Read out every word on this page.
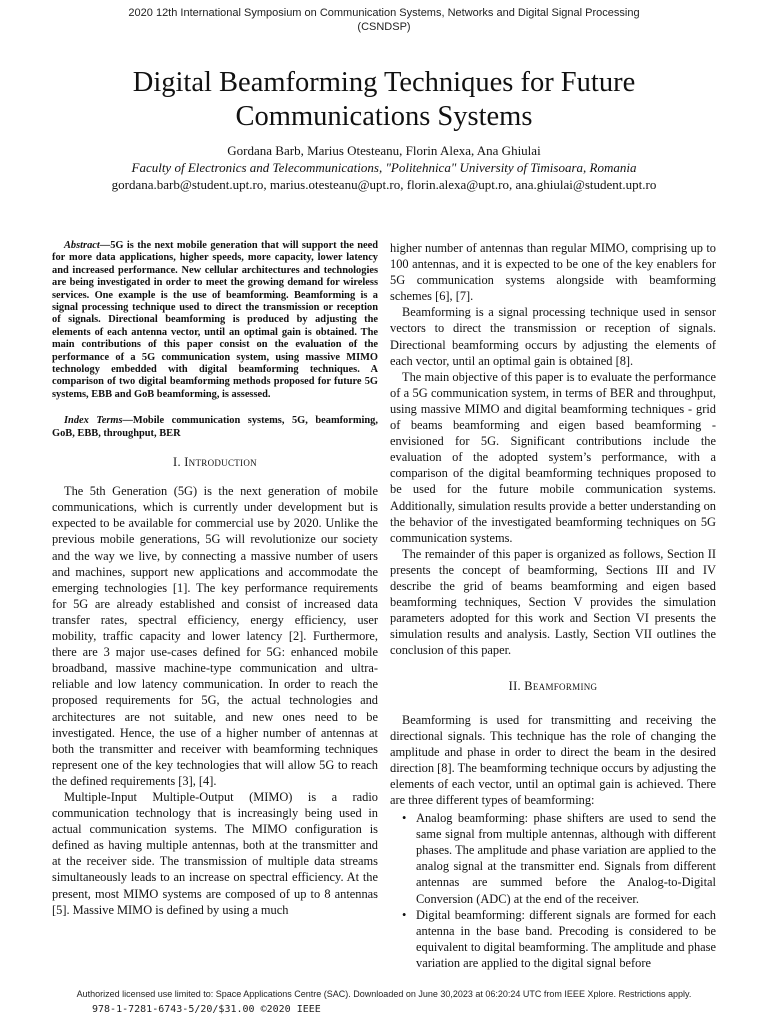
2020 12th International Symposium on Communication Systems, Networks and Digital Signal Processing
(CSNDSP)
Digital Beamforming Techniques for Future
Communications Systems
Gordana Barb, Marius Otesteanu, Florin Alexa, Ana Ghiulai
Faculty of Electronics and Telecommunications, "Politehnica" University of Timisoara, Romania
gordana.barb@student.upt.ro, marius.otesteanu@upt.ro, florin.alexa@upt.ro, ana.ghiulai@student.upt.ro

Abstract—5G is the next mobile generation that will support the need for more data applications, higher speeds, more capacity, lower latency and increased performance. New cellular architectures and technologies are being investigated in order to meet the growing demand for wireless services. One example is the use of beamforming. Beamforming is a signal processing technique used to direct the transmission or reception of signals. Directional beamforming is produced by adjusting the elements of each antenna vector, until an optimal gain is obtained. The main contributions of this paper consist on the evaluation of the performance of a 5G communication system, using massive MIMO technology embedded with digital beamforming techniques. A comparison of two digital beamforming methods proposed for future 5G systems, EBB and GoB beamforming, is assessed.

Index Terms—Mobile communication systems, 5G, beamforming, GoB, EBB, throughput, BER

I. Introduction

The 5th Generation (5G) is the next generation of mobile communications, which is currently under development but is expected to be available for commercial use by 2020. Unlike the previous mobile generations, 5G will revolutionize our society and the way we live, by connecting a massive number of users and machines, support new applications and accommodate the emerging technologies [1]. The key performance requirements for 5G are already established and consist of increased data transfer rates, spectral efficiency, energy efficiency, user mobility, traffic capacity and lower latency [2]. Furthermore, there are 3 major use-cases defined for 5G: enhanced mobile broadband, massive machine-type communication and ultra-reliable and low latency communication. In order to reach the proposed requirements for 5G, the actual technologies and architectures are not suitable, and new ones need to be investigated. Hence, the use of a higher number of antennas at both the transmitter and receiver with beamforming techniques represent one of the key technologies that will allow 5G to reach the defined requirements [3], [4].

Multiple-Input Multiple-Output (MIMO) is a radio communication technology that is increasingly being used in actual communication systems. The MIMO configuration is defined as having multiple antennas, both at the transmitter and at the receiver side. The transmission of multiple data streams simultaneously leads to an increase on spectral efficiency. At the present, most MIMO systems are composed of up to 8 antennas [5]. Massive MIMO is defined by using a much

higher number of antennas than regular MIMO, comprising up to 100 antennas, and it is expected to be one of the key enablers for 5G communication systems alongside with beamforming schemes [6], [7].

Beamforming is a signal processing technique used in sensor vectors to direct the transmission or reception of signals. Directional beamforming occurs by adjusting the elements of each vector, until an optimal gain is obtained [8].

The main objective of this paper is to evaluate the performance of a 5G communication system, in terms of BER and throughput, using massive MIMO and digital beamforming techniques - grid of beams beamforming and eigen based beamforming - envisioned for 5G. Significant contributions include the evaluation of the adopted system’s performance, with a comparison of the digital beamforming techniques proposed to be used for the future mobile communication systems. Additionally, simulation results provide a better understanding on the behavior of the investigated beamforming techniques on 5G communication systems.

The remainder of this paper is organized as follows, Section II presents the concept of beamforming, Sections III and IV describe the grid of beams beamforming and eigen based beamforming techniques, Section V provides the simulation parameters adopted for this work and Section VI presents the simulation results and analysis. Lastly, Section VII outlines the conclusion of this paper.

II. Beamforming

Beamforming is used for transmitting and receiving the directional signals. This technique has the role of changing the amplitude and phase in order to direct the beam in the desired direction [8]. The beamforming technique occurs by adjusting the elements of each vector, until an optimal gain is achieved. There are three different types of beamforming:

• Analog beamforming: phase shifters are used to send the same signal from multiple antennas, although with different phases. The amplitude and phase variation are applied to the analog signal at the transmitter end. Signals from different antennas are summed before the Analog-to-Digital Conversion (ADC) at the end of the receiver.
• Digital beamforming: different signals are formed for each antenna in the base band. Precoding is considered to be equivalent to digital beamforming. The amplitude and phase variation are applied to the digital signal before
Authorized licensed use limited to: Space Applications Centre (SAC). Downloaded on June 30,2023 at 06:20:24 UTC from IEEE Xplore. Restrictions apply.
978-1-7281-6743-5/20/$31.00 ©2020 IEEE
